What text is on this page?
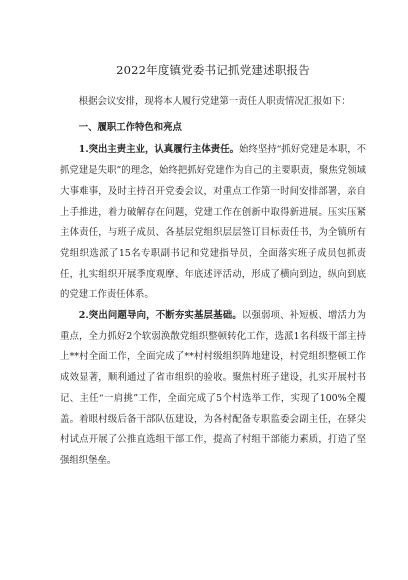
2022年度镇党委书记抓党建述职报告

根据会议安排，现将本人履行党建第一责任人职责情况汇报如下：

一、履职工作特色和亮点

1.突出主责主业，认真履行主体责任。始终坚持“抓好党建是本职，不抓党建是失职”的理念，始终把抓好党建作为自己的主要职责，聚焦党领域大事难事，及时主持召开党委会议，对重点工作第一时间安排部署，亲自上手推进，着力破解存在问题，党建工作在创新中取得新进展。压实压紧主体责任，与班子成员、各基层党组织层层签订目标责任书，为全镇所有党组织选派了15名专职副书记和党建指导员，全面落实班子成员包抓责任，扎实组织开展季度观摩、年底述评活动，形成了横向到边，纵向到底的党建工作责任体系。

2.突出问题导向，不断夯实基层基础。以强弱项、补短板、增活力为重点，全力抓好2个软弱涣散党组织整顿转化工作，选派1名科级干部主持上**村全面工作，全面完成了**村村级组织阵地建设，村党组织整顿工作成效显著，顺利通过了省市组织的验收。聚焦村班子建设，扎实开展村书记、主任“一肩挑”工作，全面完成了5个村选举工作，实现了100%全覆盖。着眼村级后备干部队伍建设，为各村配备专职监委会副主任，在驿尖村试点开展了公推直选组干部工作，提高了村组干部能力素质，打造了坚强组织堡垒。
